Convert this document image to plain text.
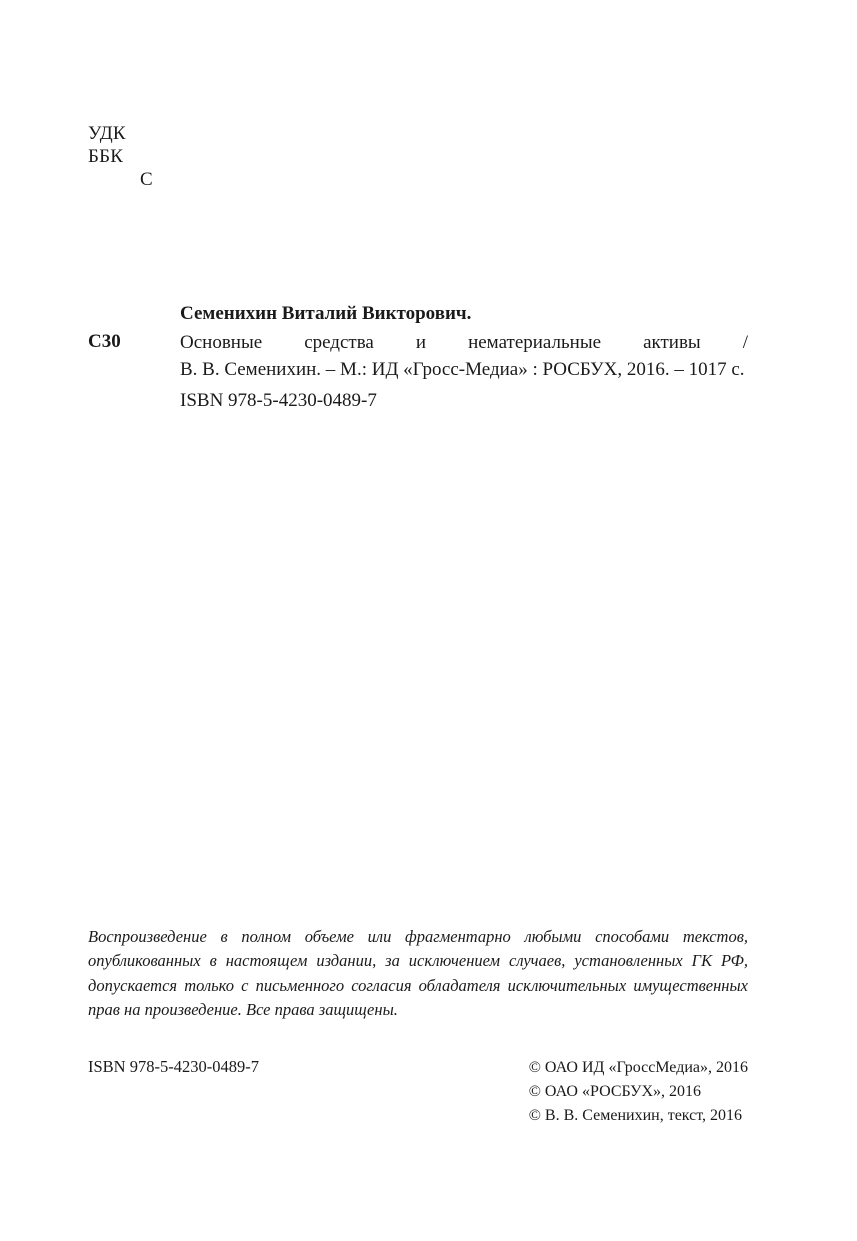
УДК
ББК
С
Семенихин Виталий Викторович.
С30	Основные средства и нематериальные активы /
В. В. Семенихин. – М.: ИД «Гросс-Медиа» : РОСБУХ, 2016. – 1017 с.
ISBN 978-5-4230-0489-7
Воспроизведение в полном объеме или фрагментарно любыми способами текстов, опубликованных в настоящем издании, за исключением случаев, установленных ГК РФ, допускается только с письменного согласия обладателя исключительных имущественных прав на произведение. Все права защищены.
ISBN 978-5-4230-0489-7	© ОАО ИД «ГроссМедиа», 2016
© ОАО «РОСБУХ», 2016
© В. В. Семенихин, текст, 2016
